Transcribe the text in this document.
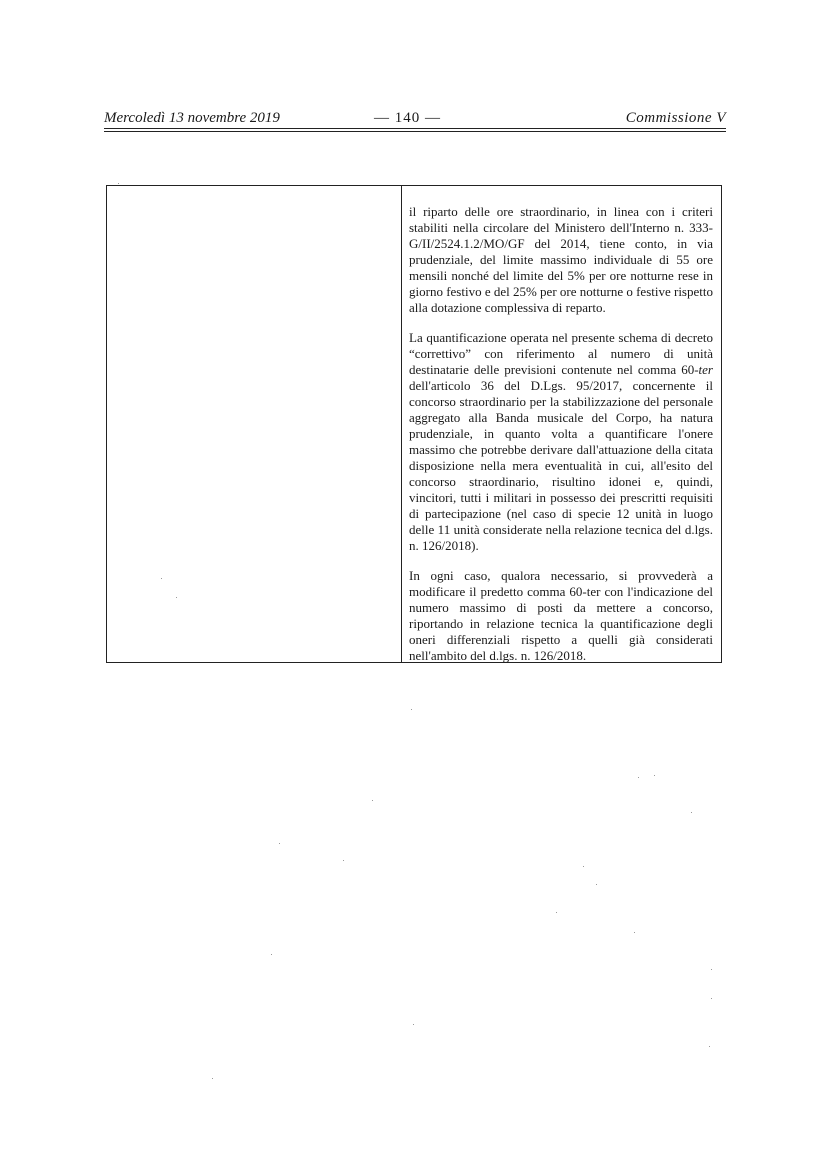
Mercoledì 13 novembre 2019	— 140 —	Commissione V

il riparto delle ore straordinario, in linea con i criteri stabiliti nella circolare del Ministero dell'Interno n. 333-G/II/2524.1.2/MO/GF del 2014, tiene conto, in via prudenziale, del limite massimo individuale di 55 ore mensili nonché del limite del 5% per ore notturne rese in giorno festivo e del 25% per ore notturne o festive rispetto alla dotazione complessiva di reparto.

La quantificazione operata nel presente schema di decreto “correttivo” con riferimento al numero di unità destinatarie delle previsioni contenute nel comma 60-ter dell'articolo 36 del D.Lgs. 95/2017, concernente il concorso straordinario per la stabilizzazione del personale aggregato alla Banda musicale del Corpo, ha natura prudenziale, in quanto volta a quantificare l'onere massimo che potrebbe derivare dall'attuazione della citata disposizione nella mera eventualità in cui, all'esito del concorso straordinario, risultino idonei e, quindi, vincitori, tutti i militari in possesso dei prescritti requisiti di partecipazione (nel caso di specie 12 unità in luogo delle 11 unità considerate nella relazione tecnica del d.lgs. n. 126/2018).

In ogni caso, qualora necessario, si provvederà a modificare il predetto comma 60-ter con l'indicazione del numero massimo di posti da mettere a concorso, riportando in relazione tecnica la quantificazione degli oneri differenziali rispetto a quelli già considerati nell'ambito del d.lgs. n. 126/2018.
